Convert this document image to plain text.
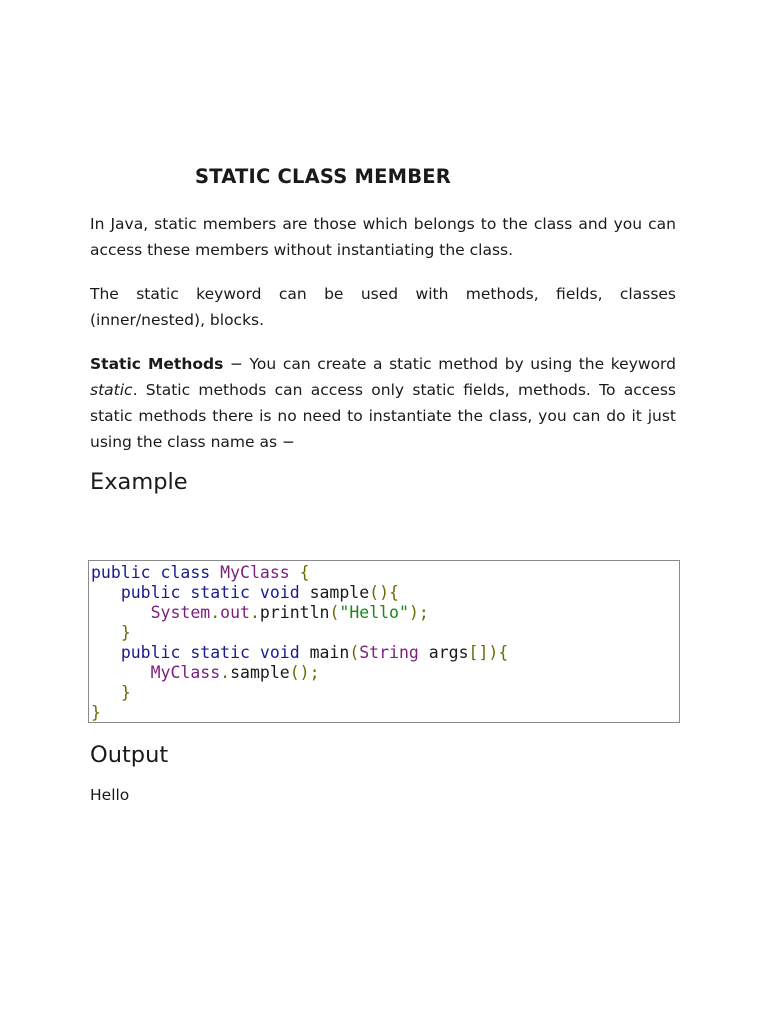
STATIC CLASS MEMBER

In Java, static members are those which belongs to the class and you can access these members without instantiating the class.

The static keyword can be used with methods, fields, classes (inner/nested), blocks.

Static Methods − You can create a static method by using the keyword static. Static methods can access only static fields, methods. To access static methods there is no need to instantiate the class, you can do it just using the class name as −

Example
public class MyClass {
public static void sample(){
System.out.println("Hello");
}
public static void main(String args[]){
MyClass.sample();
}
}
Output

Hello
